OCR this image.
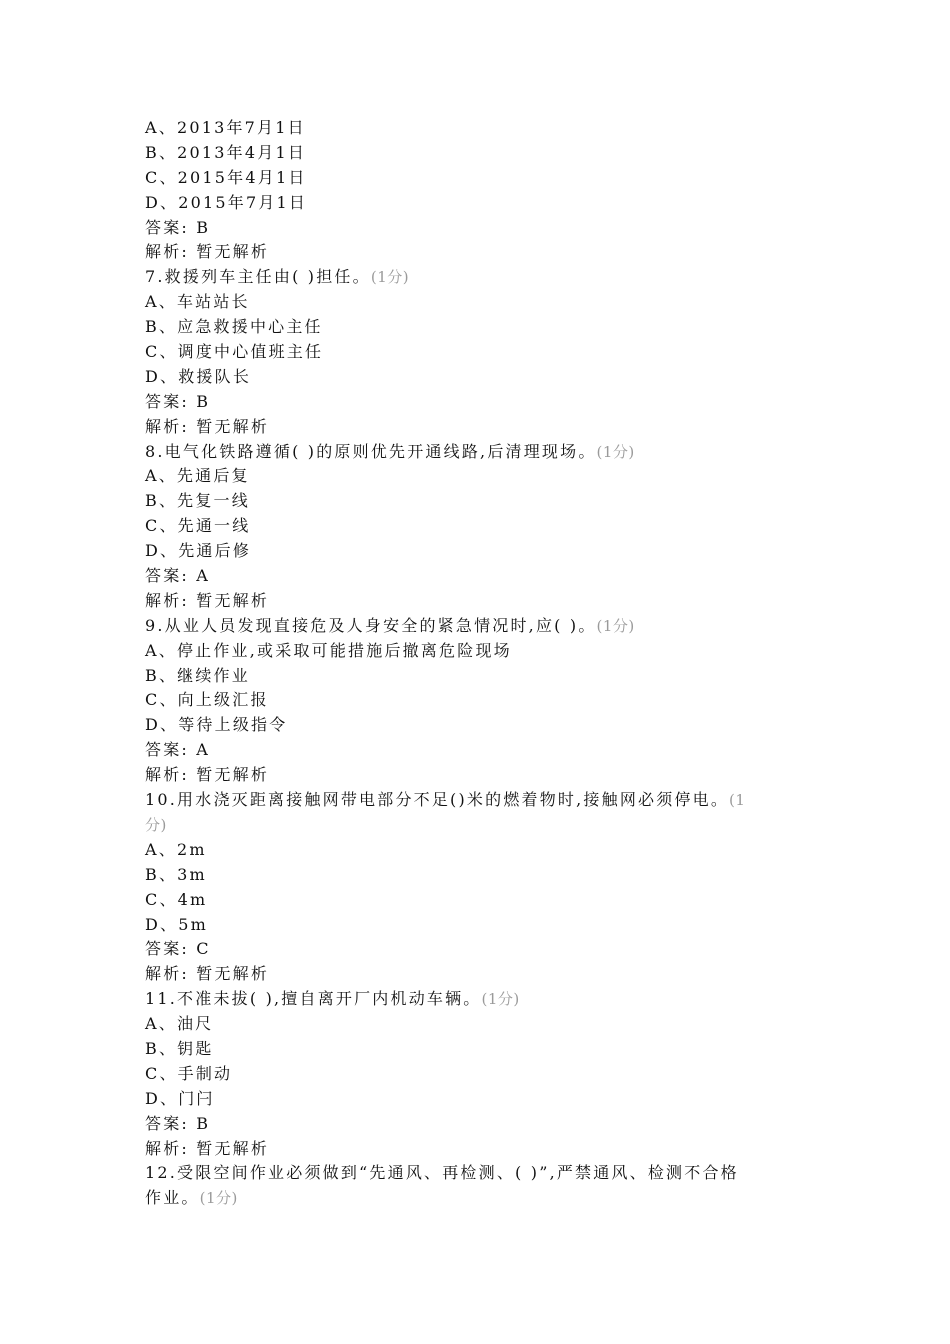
A、2013年7月1日
B、2013年4月1日
C、2015年4月1日
D、2015年7月1日
答案: B
解析: 暂无解析
7.救援列车主任由( )担任。(1分)
A、车站站长
B、应急救援中心主任
C、调度中心值班主任
D、救援队长
答案: B
解析: 暂无解析
8.电气化铁路遵循( )的原则优先开通线路,后清理现场。(1分)
A、先通后复
B、先复一线
C、先通一线
D、先通后修
答案: A
解析: 暂无解析
9.从业人员发现直接危及人身安全的紧急情况时,应( )。(1分)
A、停止作业,或采取可能措施后撤离危险现场
B、继续作业
C、向上级汇报
D、等待上级指令
答案: A
解析: 暂无解析
10.用水浇灭距离接触网带电部分不足()米的燃着物时,接触网必须停电。(1
分)
A、2m
B、3m
C、4m
D、5m
答案: C
解析: 暂无解析
11.不准未拔( ),擅自离开厂内机动车辆。(1分)
A、油尺
B、钥匙
C、手制动
D、门闩
答案: B
解析: 暂无解析
12.受限空间作业必须做到“先通风、再检测、( )”,严禁通风、检测不合格
作业。(1分)
